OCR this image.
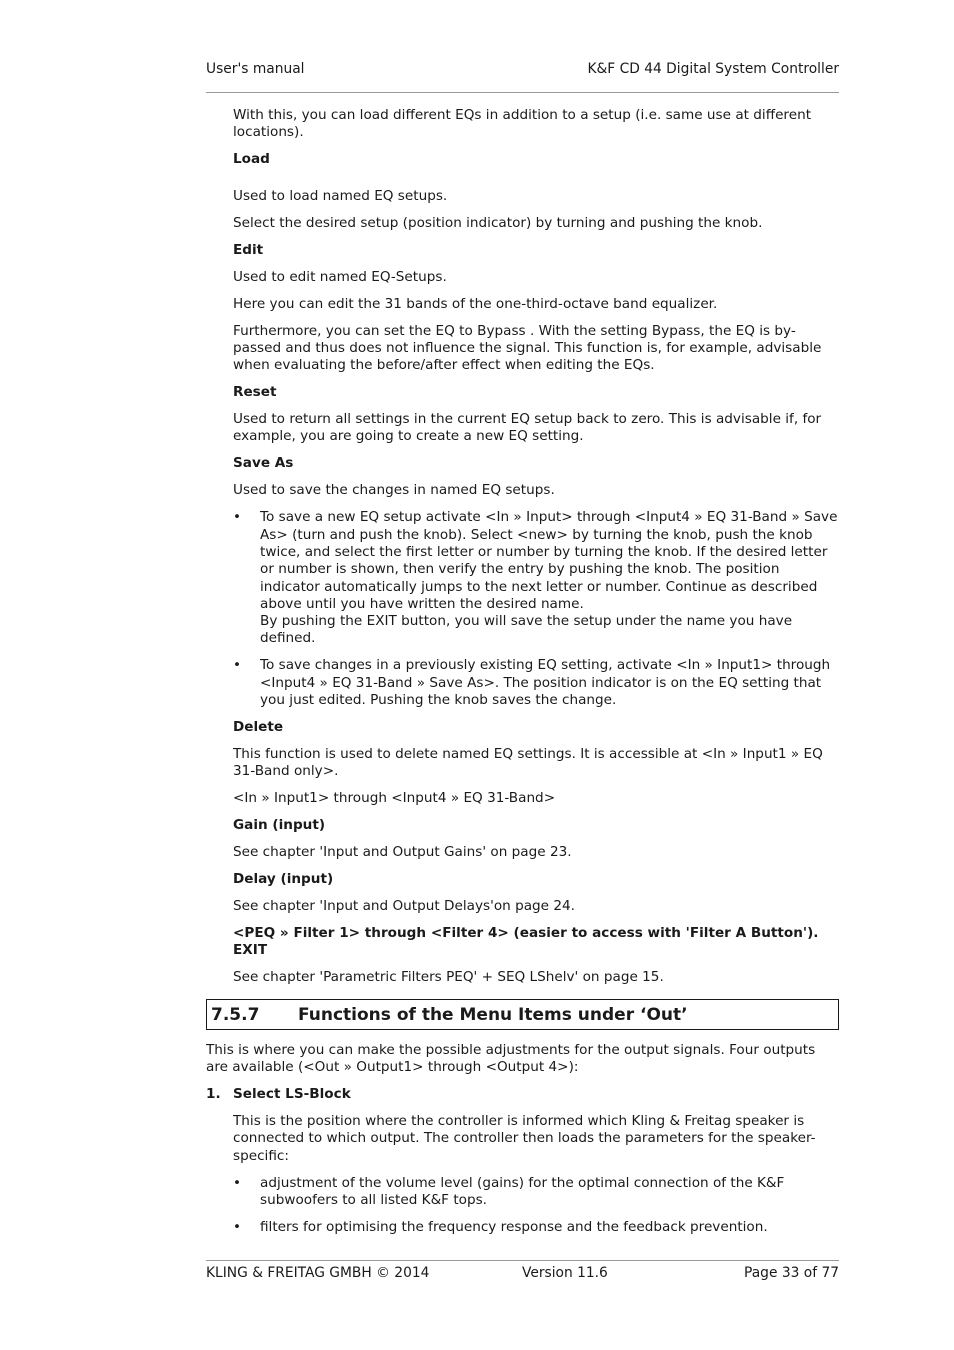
User's manual	K&F CD 44 Digital System Controller

With this, you can load different EQs in addition to a setup (i.e. same use at different locations).

Load

Used to load named EQ setups.

Select the desired setup (position indicator) by turning and pushing the knob.

Edit

Used to edit named EQ-Setups.

Here you can edit the 31 bands of the one-third-octave band equalizer.

Furthermore, you can set the EQ to Bypass . With the setting Bypass, the EQ is by-passed and thus does not influence the signal. This function is, for example, advisable when evaluating the before/after effect when editing the EQs.

Reset

Used to return all settings in the current EQ setup back to zero. This is advisable if, for example, you are going to create a new EQ setting.

Save As

Used to save the changes in named EQ setups.

• To save a new EQ setup activate <In » Input> through <Input4 » EQ 31-Band » Save As> (turn and push the knob). Select <new> by turning the knob, push the knob twice, and select the first letter or number by turning the knob. If the desired letter or number is shown, then verify the entry by pushing the knob. The position indicator automatically jumps to the next letter or number. Continue as described above until you have written the desired name.
By pushing the EXIT button, you will save the setup under the name you have defined.
• To save changes in a previously existing EQ setting, activate <In » Input1> through <Input4 » EQ 31-Band » Save As>. The position indicator is on the EQ setting that you just edited. Pushing the knob saves the change.

Delete

This function is used to delete named EQ settings. It is accessible at <In » Input1 » EQ 31-Band only>.

<In » Input1> through <Input4 » EQ 31-Band>

Gain (input)

See chapter 'Input and Output Gains' on page 23.

Delay (input)

See chapter 'Input and Output Delays'on page 24.

<PEQ » Filter 1> through <Filter 4> (easier to access with 'Filter A Button'). EXIT

See chapter 'Parametric Filters PEQ' + SEQ LShelv' on page 15.

7.5.7	Functions of the Menu Items under ‘Out’

This is where you can make the possible adjustments for the output signals. Four outputs are available (<Out » Output1> through <Output 4>):

1. Select LS-Block

This is the position where the controller is informed which Kling & Freitag speaker is connected to which output. The controller then loads the parameters for the speaker-specific:

• adjustment of the volume level (gains) for the optimal connection of the K&F subwoofers to all listed K&F tops.
• filters for optimising the frequency response and the feedback prevention.
KLING & FREITAG GMBH © 2014	Version 11.6	Page 33 of 77
